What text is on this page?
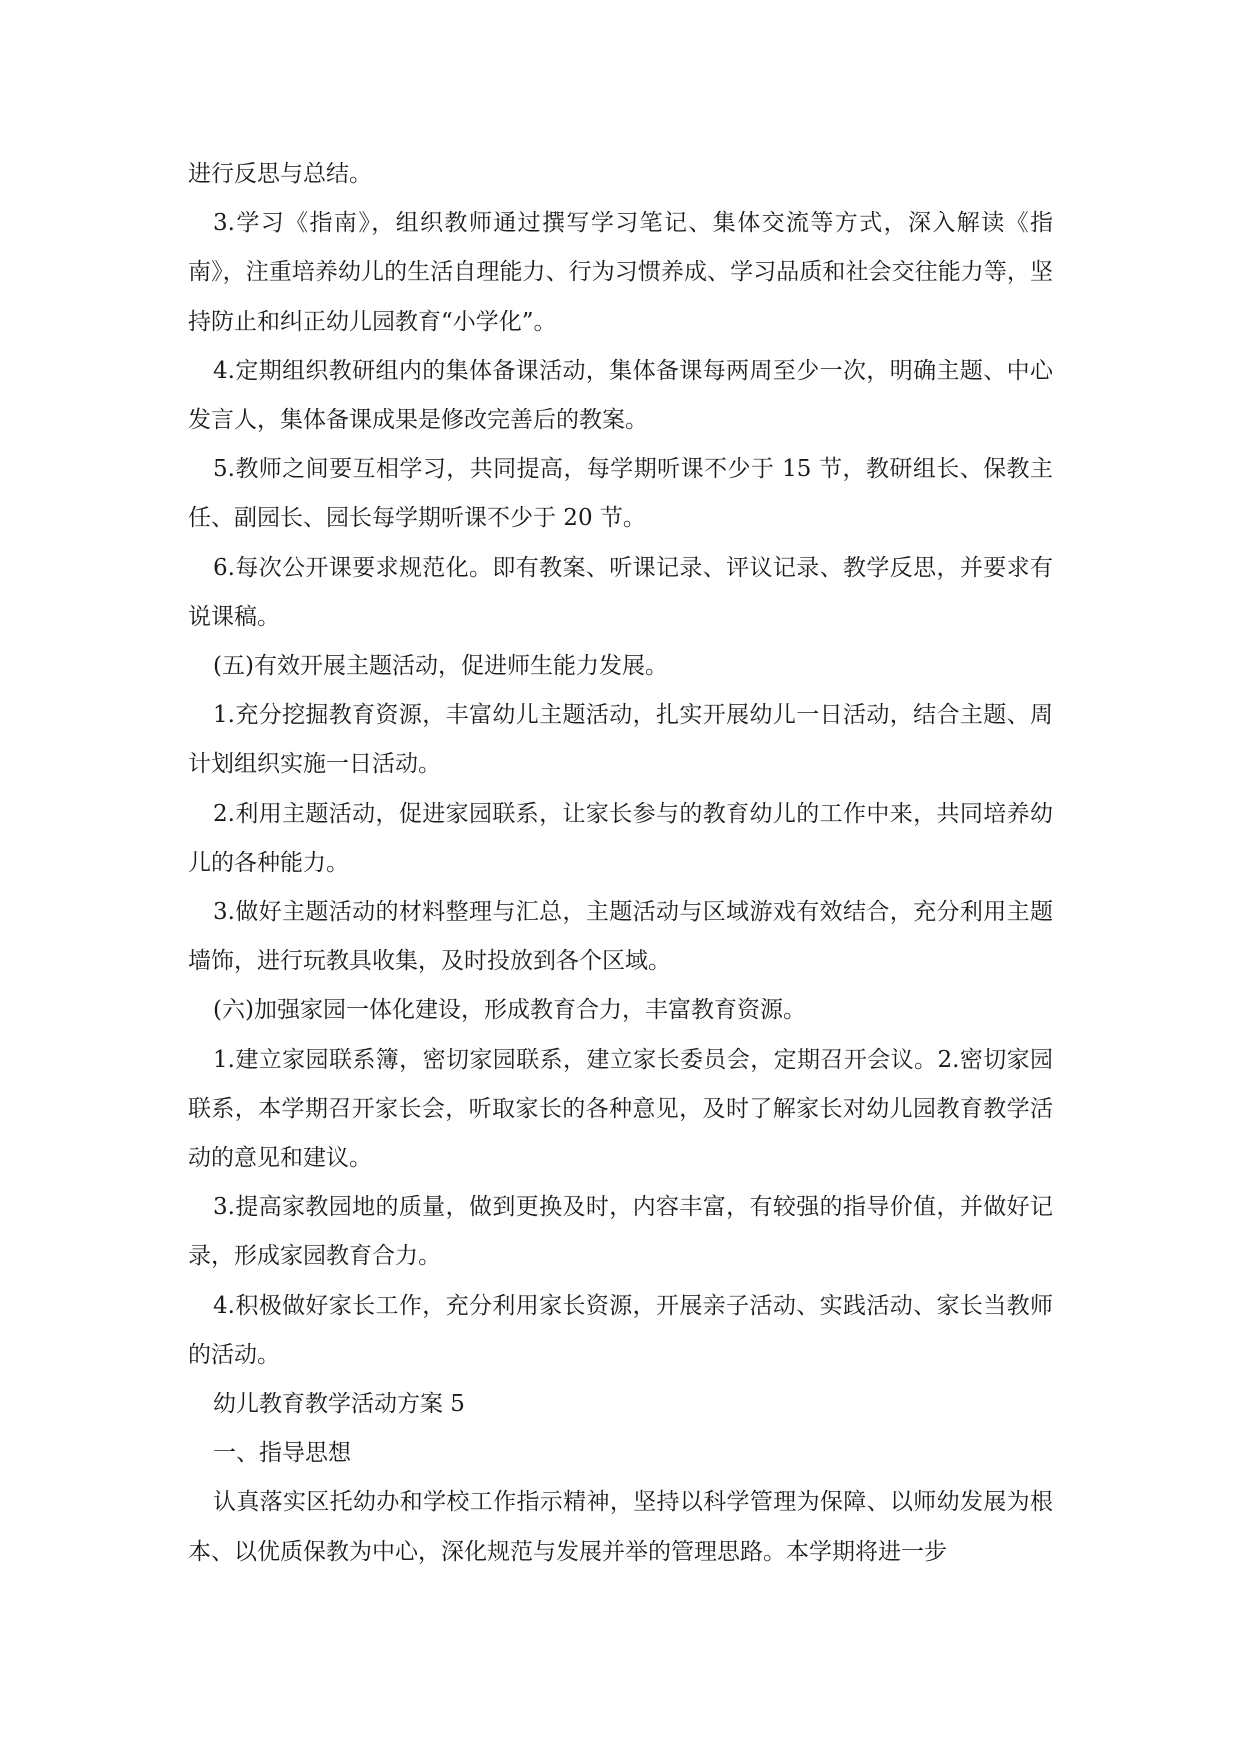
进行反思与总结。

3.学习《指南》，组织教师通过撰写学习笔记、集体交流等方式，深入解读《指南》，注重培养幼儿的生活自理能力、行为习惯养成、学习品质和社会交往能力等，坚持防止和纠正幼儿园教育“小学化”。

4.定期组织教研组内的集体备课活动，集体备课每两周至少一次，明确主题、中心发言人，集体备课成果是修改完善后的教案。

5.教师之间要互相学习，共同提高，每学期听课不少于 15 节，教研组长、保教主任、副园长、园长每学期听课不少于 20 节。

6.每次公开课要求规范化。即有教案、听课记录、评议记录、教学反思，并要求有说课稿。

(五)有效开展主题活动，促进师生能力发展。

1.充分挖掘教育资源，丰富幼儿主题活动，扎实开展幼儿一日活动，结合主题、周计划组织实施一日活动。

2.利用主题活动，促进家园联系，让家长参与的教育幼儿的工作中来，共同培养幼儿的各种能力。

3.做好主题活动的材料整理与汇总，主题活动与区域游戏有效结合，充分利用主题墙饰，进行玩教具收集，及时投放到各个区域。

(六)加强家园一体化建设，形成教育合力，丰富教育资源。

1.建立家园联系簿，密切家园联系，建立家长委员会，定期召开会议。2.密切家园联系，本学期召开家长会，听取家长的各种意见，及时了解家长对幼儿园教育教学活动的意见和建议。

3.提高家教园地的质量，做到更换及时，内容丰富，有较强的指导价值，并做好记录，形成家园教育合力。

4.积极做好家长工作，充分利用家长资源，开展亲子活动、实践活动、家长当教师的活动。

幼儿教育教学活动方案 5

一、指导思想

认真落实区托幼办和学校工作指示精神，坚持以科学管理为保障、以师幼发展为根本、以优质保教为中心，深化规范与发展并举的管理思路。本学期将进一步
